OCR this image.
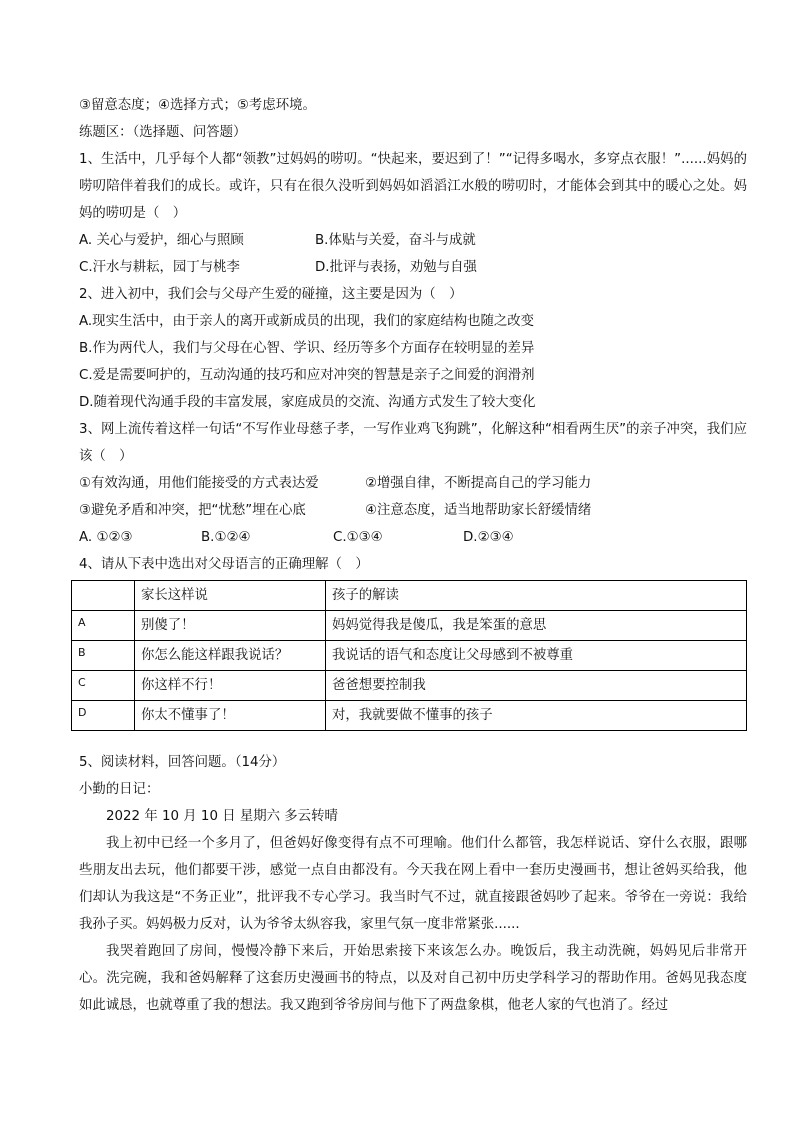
③留意态度；④选择方式；⑤考虑环境。
练题区：（选择题、问答题）
1、生活中，几乎每个人都“领教”过妈妈的唠叨。“快起来，要迟到了！”“记得多喝水，多穿点衣服！”......妈妈的唠叨陪伴着我们的成长。或许，只有在很久没听到妈妈如滔滔江水般的唠叨时，才能体会到其中的暖心之处。妈妈的唠叨是（　）
A. 关心与爱护，细心与照顾	B.体贴与关爱，奋斗与成就
C.汗水与耕耘，园丁与桃李	D.批评与表扬，劝勉与自强
2、进入初中，我们会与父母产生爱的碰撞，这主要是因为（　）
A.现实生活中，由于亲人的离开或新成员的出现，我们的家庭结构也随之改变
B.作为两代人，我们与父母在心智、学识、经历等多个方面存在较明显的差异
C.爱是需要呵护的，互动沟通的技巧和应对冲突的智慧是亲子之间爱的润滑剂
D.随着现代沟通手段的丰富发展，家庭成员的交流、沟通方式发生了较大变化
3、网上流传着这样一句话“不写作业母慈子孝，一写作业鸡飞狗跳”，化解这种“相看两生厌”的亲子冲突，我们应该（　）
①有效沟通，用他们能接受的方式表达爱	②增强自律，不断提高自己的学习能力
③避免矛盾和冲突，把“忧愁”埋在心底	④注意态度，适当地帮助家长舒缓情绪
A. ①②③	B.①②④	C.①③④	D.②③④
4、请从下表中选出对父母语言的正确理解（　）
	家长这样说	孩子的解读
A	别傻了！	妈妈觉得我是傻瓜，我是笨蛋的意思
B	你怎么能这样跟我说话？	我说话的语气和态度让父母感到不被尊重
C	你这样不行！	爸爸想要控制我
D	你太不懂事了！	对，我就要做不懂事的孩子
5、阅读材料，回答问题。（14分）
小勤的日记：
2022 年 10 月 10 日 星期六 多云转晴
我上初中已经一个多月了，但爸妈好像变得有点不可理喻。他们什么都管，我怎样说话、穿什么衣服，跟哪些朋友出去玩，他们都要干涉，感觉一点自由都没有。今天我在网上看中一套历史漫画书，想让爸妈买给我，他们却认为我这是“不务正业”，批评我不专心学习。我当时气不过，就直接跟爸妈吵了起来。爷爷在一旁说：我给我孙子买。妈妈极力反对，认为爷爷太纵容我，家里气氛一度非常紧张......
我哭着跑回了房间，慢慢冷静下来后，开始思索接下来该怎么办。晚饭后，我主动洗碗，妈妈见后非常开心。洗完碗，我和爸妈解释了这套历史漫画书的特点，以及对自己初中历史学科学习的帮助作用。爸妈见我态度如此诚恳，也就尊重了我的想法。我又跑到爷爷房间与他下了两盘象棋，他老人家的气也消了。经过
